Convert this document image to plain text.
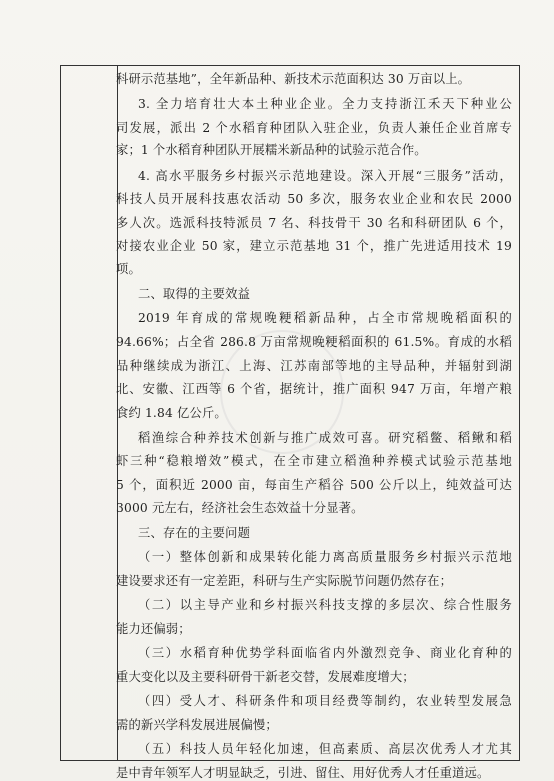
科研示范基地”，全年新品种、新技术示范面积达 30 万亩以上。
3. 全力培育壮大本土种业企业。全力支持浙江禾天下种业公
司发展，派出 2 个水稻育种团队入驻企业，负责人兼任企业首席专
家；1 个水稻育种团队开展糯米新品种的试验示范合作。
4. 高水平服务乡村振兴示范地建设。深入开展“三服务”活动，
科技人员开展科技惠农活动 50 多次，服务农业企业和农民 2000
多人次。选派科技特派员 7 名、科技骨干 30 名和科研团队 6 个，
对接农业企业 50 家，建立示范基地 31 个，推广先进适用技术 19
项。
二、取得的主要效益
2019 年育成的常规晚粳稻新品种，占全市常规晚稻面积的
94.66%；占全省 286.8 万亩常规晚粳稻面积的 61.5%。育成的水稻
品种继续成为浙江、上海、江苏南部等地的主导品种，并辐射到湖
北、安徽、江西等 6 个省，据统计，推广面积 947 万亩，年增产粮
食约 1.84 亿公斤。
稻渔综合种养技术创新与推广成效可喜。研究稻鳖、稻鳅和稻
虾三种“稳粮增效”模式，在全市建立稻渔种养模式试验示范基地
5 个，面积近 2000 亩，每亩生产稻谷 500 公斤以上，纯效益可达
3000 元左右，经济社会生态效益十分显著。
三、存在的主要问题
（一）整体创新和成果转化能力离高质量服务乡村振兴示范地
建设要求还有一定差距，科研与生产实际脱节问题仍然存在；
（二）以主导产业和乡村振兴科技支撑的多层次、综合性服务
能力还偏弱；
（三）水稻育种优势学科面临省内外激烈竞争、商业化育种的
重大变化以及主要科研骨干新老交替，发展难度增大；
（四）受人才、科研条件和项目经费等制约，农业转型发展急
需的新兴学科发展进展偏慢；
（五）科技人员年轻化加速，但高素质、高层次优秀人才尤其
是中青年领军人才明显缺乏，引进、留住、用好优秀人才任重道远。
